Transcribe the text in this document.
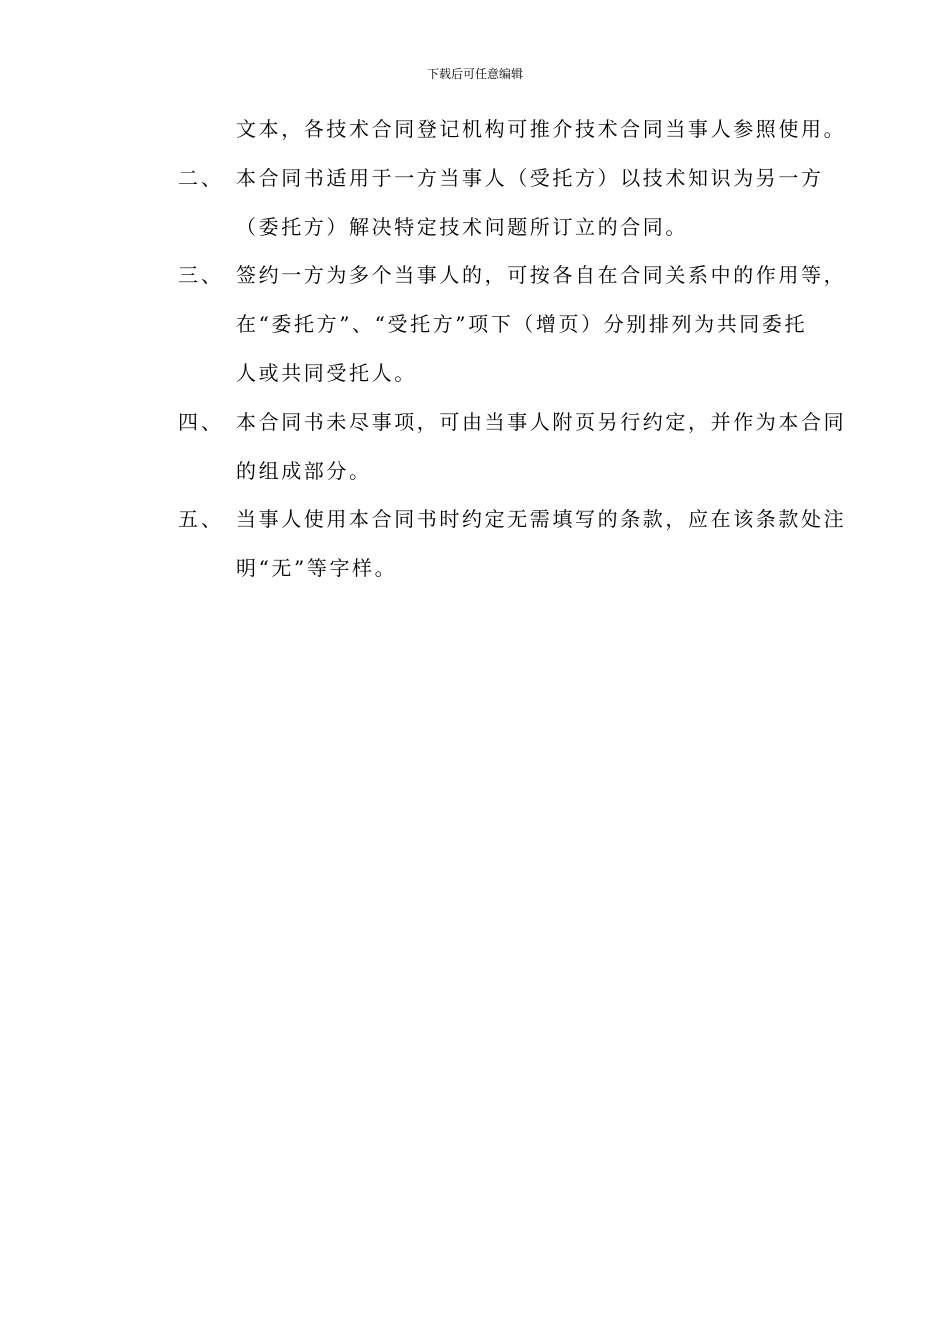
下载后可任意编辑
文本，各技术合同登记机构可推介技术合同当事人参照使用。
二、 本合同书适用于一方当事人（受托方）以技术知识为另一方
（委托方）解决特定技术问题所订立的合同。
三、 签约一方为多个当事人的，可按各自在合同关系中的作用等，
在“委托方”、“受托方”项下（增页）分别排列为共同委托
人或共同受托人。
四、 本合同书未尽事项，可由当事人附页另行约定，并作为本合同
的组成部分。
五、 当事人使用本合同书时约定无需填写的条款，应在该条款处注
明“无”等字样。
